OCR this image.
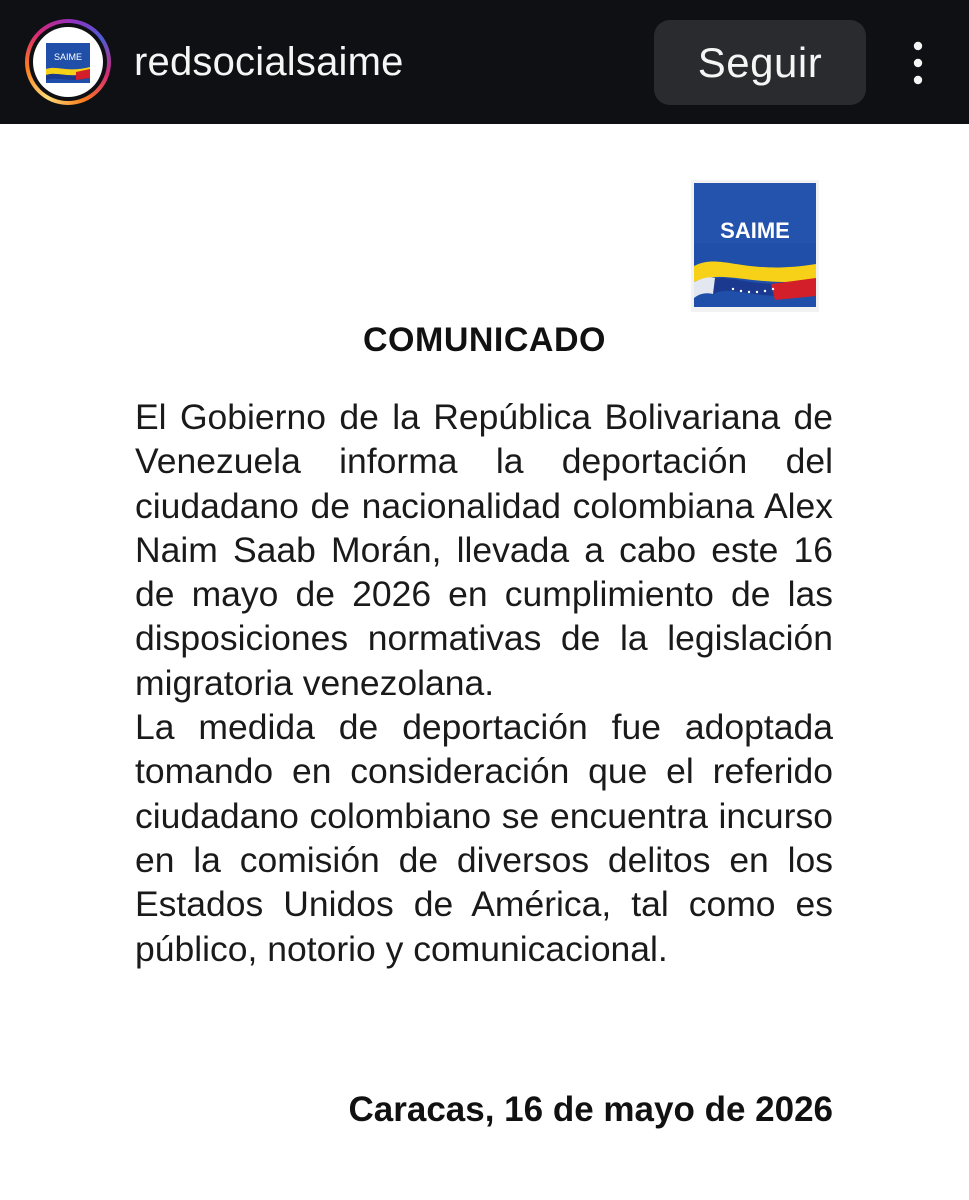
SAIME redsocialsaime	Seguir
SAIME
COMUNICADO

El Gobierno de la República Bolivariana de Venezuela informa la deportación del ciudadano de nacionalidad colombiana Alex Naim Saab Morán, llevada a cabo este 16 de mayo de 2026 en cumplimiento de las disposiciones normativas de la legislación migratoria venezolana.

La medida de deportación fue adoptada tomando en consideración que el referido ciudadano colombiano se encuentra incurso en la comisión de diversos delitos en los Estados Unidos de América, tal como es público, notorio y comunicacional.

Caracas, 16 de mayo de 2026
